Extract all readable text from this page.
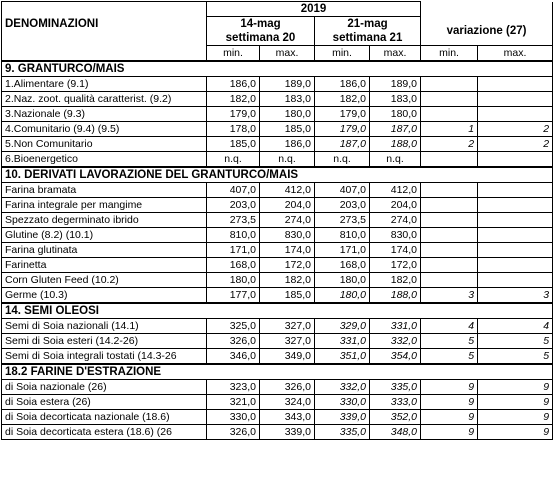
DENOMINAZIONI	2019					
	14-mag		21-mag		variazione (27)	
	settimana 20		settimana 21			
	min.	max.	min.	max.	min.	max.
9. GRANTURCO/MAIS						
1.Alimentare (9.1)	186,0	189,0	186,0	189,0		
2.Naz. zoot. qualità caratterist. (9.2)	182,0	183,0	182,0	183,0		
3.Nazionale (9.3)	179,0	180,0	179,0	180,0		
4.Comunitario (9.4) (9.5)	178,0	185,0	179,0	187,0	1	2
5.Non Comunitario	185,0	186,0	187,0	188,0	2	2
6.Bioenergetico	n.q.	n.q.	n.q.	n.q.		
10. DERIVATI LAVORAZIONE DEL GRANTURCO/MAIS						
Farina bramata	407,0	412,0	407,0	412,0		
Farina integrale per mangime	203,0	204,0	203,0	204,0		
Spezzato degerminato ibrido	273,5	274,0	273,5	274,0		
Glutine (8.2) (10.1)	810,0	830,0	810,0	830,0		
Farina glutinata	171,0	174,0	171,0	174,0		
Farinetta	168,0	172,0	168,0	172,0		
Corn Gluten Feed (10.2)	180,0	182,0	180,0	182,0		
Germe (10.3)	177,0	185,0	180,0	188,0	3	3
14. SEMI OLEOSI						
Semi di Soia nazionali (14.1)	325,0	327,0	329,0	331,0	4	4
Semi di Soia esteri (14.2-26)	326,0	327,0	331,0	332,0	5	5
Semi di Soia integrali tostati (14.3-26	346,0	349,0	351,0	354,0	5	5
18.2 FARINE D'ESTRAZIONE						
di Soia nazionale (26)	323,0	326,0	332,0	335,0	9	9
di Soia estera (26)	321,0	324,0	330,0	333,0	9	9
di Soia decorticata nazionale (18.6)	330,0	343,0	339,0	352,0	9	9
di Soia decorticata estera (18.6) (26	326,0	339,0	335,0	348,0	9	9
